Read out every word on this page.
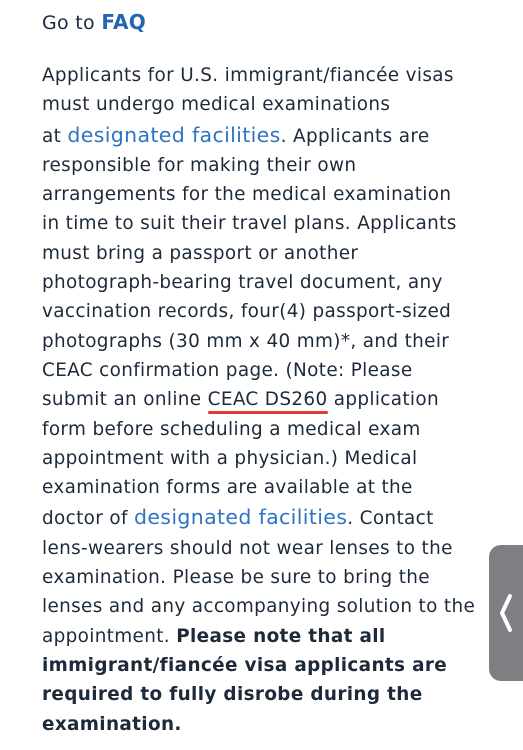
Go to FAQ
Applicants for U.S. immigrant/fiancée visas
must undergo medical examinations
at designated facilities. Applicants are
responsible for making their own
arrangements for the medical examination
in time to suit their travel plans. Applicants
must bring a passport or another
photograph-bearing travel document, any
vaccination records, four(4) passport-sized
photographs (30 mm x 40 mm)*, and their
CEAC confirmation page. (Note: Please
submit an online CEAC DS260
application
form before scheduling a medical exam
appointment with a physician.) Medical
examination forms are available at the
doctor of designated facilities. Contact
lens-wearers should not wear lenses to the
examination. Please be sure to bring the
lenses and any accompanying solution to the
appointment. Please note that all
immigrant/fiancée visa applicants are
required to fully disrobe during the
examination.
